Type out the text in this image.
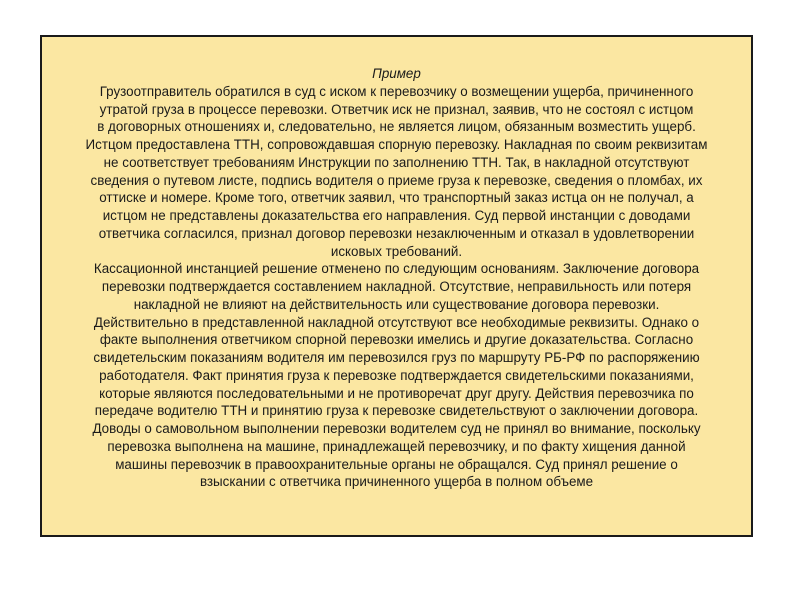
Пример
Грузоотправитель обратился в суд с иском к перевозчику о возмещении ущерба, причиненного
утратой груза в процессе перевозки. Ответчик иск не признал, заявив, что не состоял с истцом
в договорных отношениях и, следовательно, не является лицом, обязанным возместить ущерб.
Истцом предоставлена ТТН, сопровождавшая спорную перевозку. Накладная по своим реквизитам
не соответствует требованиям Инструкции по заполнению ТТН. Так, в накладной отсутствуют
сведения о путевом листе, подпись водителя о приеме груза к перевозке, сведения о пломбах, их
оттиске и номере. Кроме того, ответчик заявил, что транспортный заказ истца он не получал, а
истцом не представлены доказательства его направления. Суд первой инстанции с доводами
ответчика согласился, признал договор перевозки незаключенным и отказал в удовлетворении
исковых требований.
Кассационной инстанцией решение отменено по следующим основаниям. Заключение договора
перевозки подтверждается составлением накладной. Отсутствие, неправильность или потеря
накладной не влияют на действительность или существование договора перевозки.
Действительно в представленной накладной отсутствуют все необходимые реквизиты. Однако о
факте выполнения ответчиком спорной перевозки имелись и другие доказательства. Согласно
свидетельским показаниям водителя им перевозился груз по маршруту РБ-РФ по распоряжению
работодателя. Факт принятия груза к перевозке подтверждается свидетельскими показаниями,
которые являются последовательными и не противоречат друг другу. Действия перевозчика по
передаче водителю ТТН и принятию груза к перевозке свидетельствуют о заключении договора.
Доводы о самовольном выполнении перевозки водителем суд не принял во внимание, поскольку
перевозка выполнена на машине, принадлежащей перевозчику, и по факту хищения данной
машины перевозчик в правоохранительные органы не обращался. Суд принял решение о
взыскании с ответчика причиненного ущерба в полном объеме
